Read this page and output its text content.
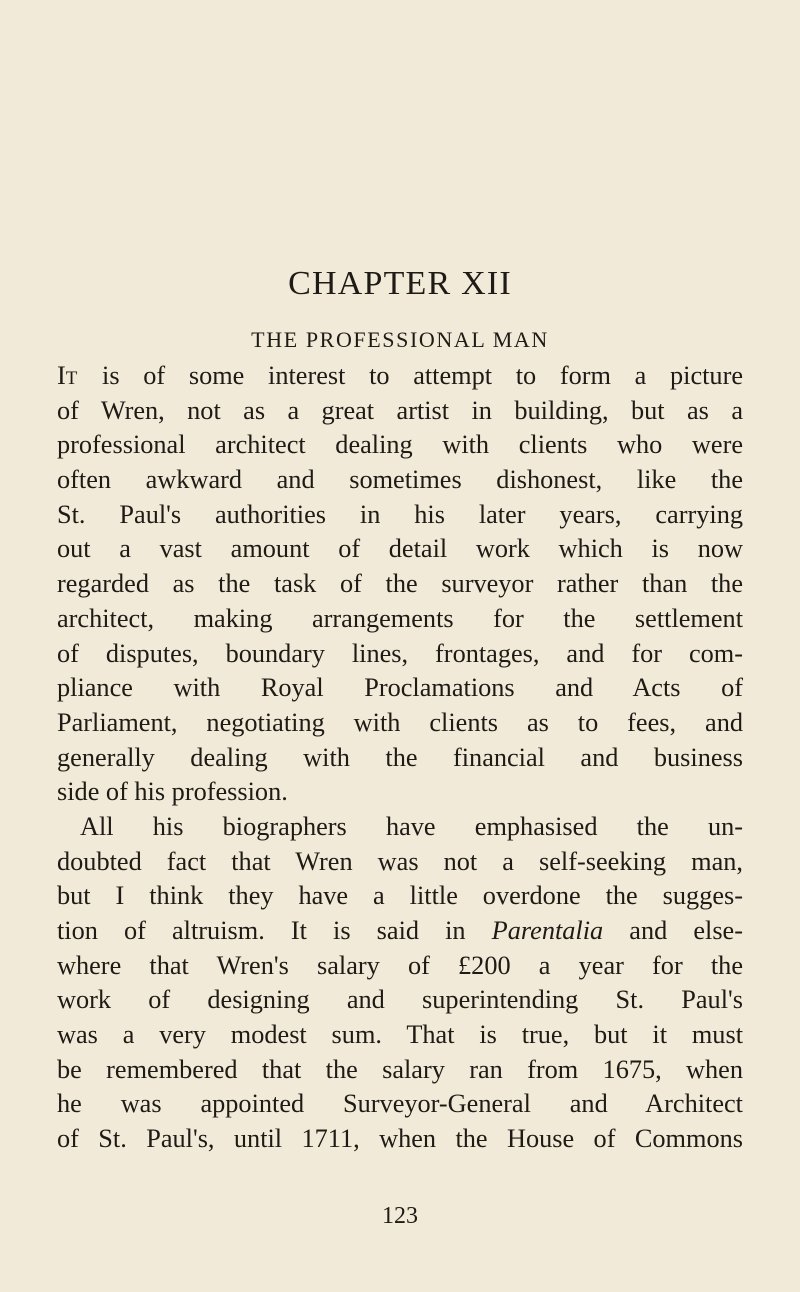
CHAPTER XII
THE PROFESSIONAL MAN
IT is of some interest to attempt to form a picture
of Wren, not as a great artist in building, but as a
professional architect dealing with clients who were
often awkward and sometimes dishonest, like the
St. Paul's authorities in his later years, carrying
out a vast amount of detail work which is now
regarded as the task of the surveyor rather than the
architect, making arrangements for the settlement
of disputes, boundary lines, frontages, and for com-
pliance with Royal Proclamations and Acts of
Parliament, negotiating with clients as to fees, and
generally dealing with the financial and business
side of his profession.
All his biographers have emphasised the un-
doubted fact that Wren was not a self-seeking man,
but I think they have a little overdone the sugges-
tion of altruism. It is said in Parentalia and else-
where that Wren's salary of £200 a year for the
work of designing and superintending St. Paul's
was a very modest sum. That is true, but it must
be remembered that the salary ran from 1675, when
he was appointed Surveyor-General and Architect
of St. Paul's, until 1711, when the House of Commons
123
